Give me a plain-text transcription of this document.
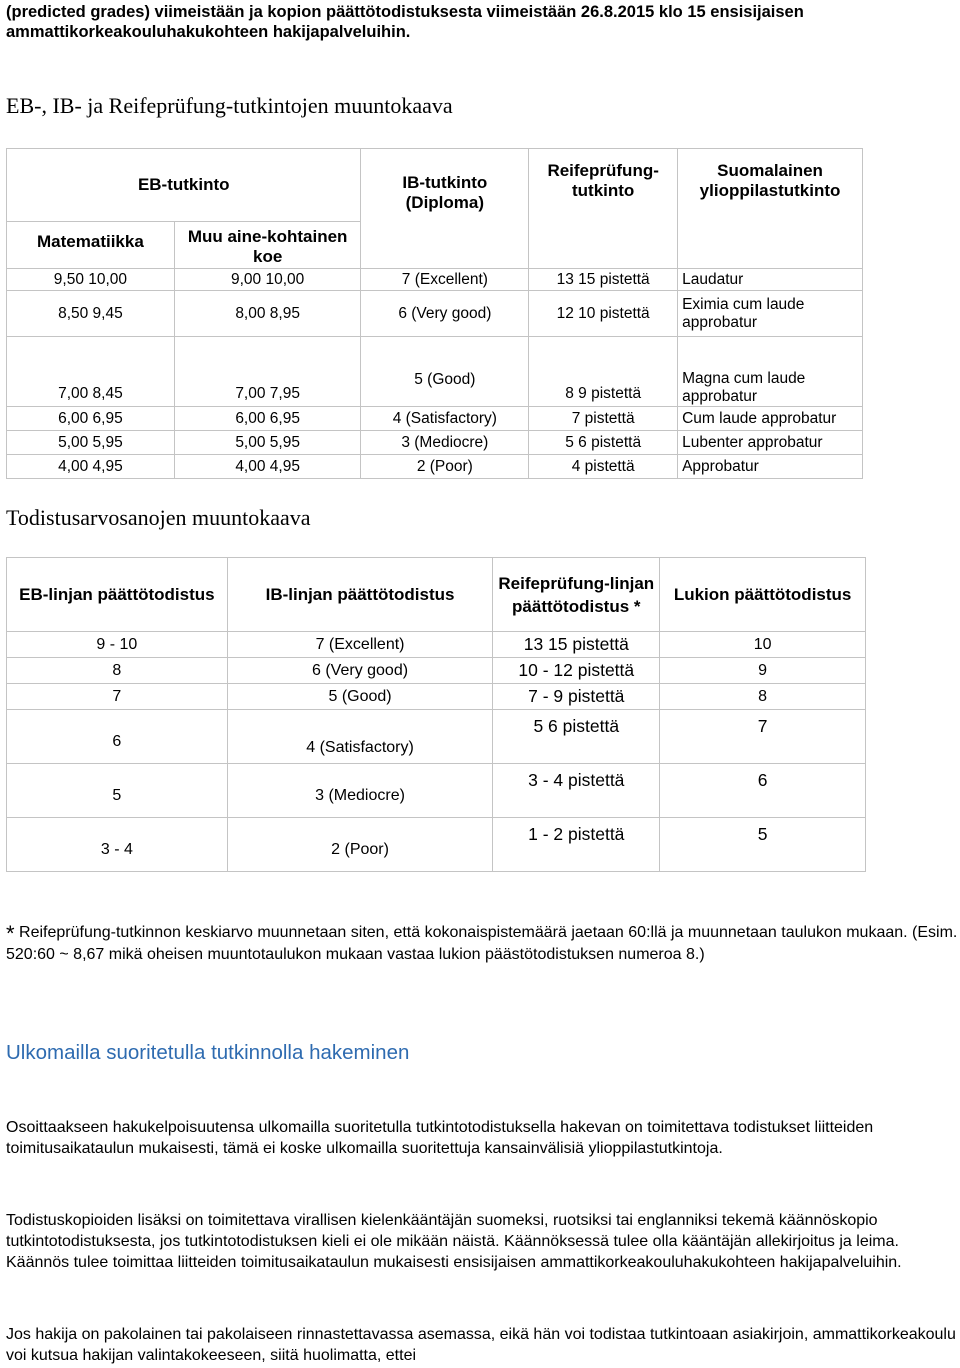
(predicted grades) viimeistään ja kopion päättötodistuksesta viimeistään 26.8.2015 klo 15 ensisijaisen ammattikorkeakouluhakukohteen hakijapalveluihin.
EB-, IB- ja Reifeprüfung-tutkintojen muuntokaava
EB-tutkinto		IB-tutkinto (Diploma)	Reifeprüfung-tutkinto	Suomalainen ylioppilastutkinto
Matematiikka	Muu aine-kohtainen koe			
9,50 10,00	9,00 10,00	7 (Excellent)	13 15 pistettä	Laudatur
8,50 9,45	8,00 8,95	6 (Very good)	12 10 pistettä	Eximia cum laude approbatur
7,00 8,45	7,00 7,95	5 (Good)	8 9 pistettä	Magna cum laude approbatur
6,00 6,95	6,00 6,95	4 (Satisfactory)	7 pistettä	Cum laude approbatur
5,00 5,95	5,00 5,95	3 (Mediocre)	5 6 pistettä	Lubenter approbatur
4,00 4,95	4,00 4,95	2 (Poor)	4 pistettä	Approbatur
Todistusarvosanojen muuntokaava
EB-linjan päättötodistus	IB-linjan päättötodistus	Reifeprüfung-linjan päättötodistus *	Lukion päättötodistus
9 - 10	7 (Excellent)	13 15 pistettä	10
8	6 (Very good)	10 - 12 pistettä	9
7	5 (Good)	7 - 9 pistettä	8
6	4 (Satisfactory)	5 6 pistettä	7
5	3 (Mediocre)	3 - 4 pistettä	6
3 - 4	2 (Poor)	1 - 2 pistettä	5
* Reifeprüfung-tutkinnon keskiarvo muunnetaan siten, että kokonaispistemäärä jaetaan 60:llä ja muunnetaan taulukon mukaan. (Esim. 520:60 ~ 8,67 mikä oheisen muuntotaulukon mukaan vastaa lukion päästötodistuksen numeroa 8.)
Ulkomailla suoritetulla tutkinnolla hakeminen
Osoittaakseen hakukelpoisuutensa ulkomailla suoritetulla tutkintotodistuksella hakevan on toimitettava todistukset liitteiden toimitusaikataulun mukaisesti, tämä ei koske ulkomailla suoritettuja kansainvälisiä ylioppilastutkintoja.
Todistuskopioiden lisäksi on toimitettava virallisen kielenkääntäjän suomeksi, ruotsiksi tai englanniksi tekemä käännöskopio tutkintotodistuksesta, jos tutkintotodistuksen kieli ei ole mikään näistä. Käännöksessä tulee olla kääntäjän allekirjoitus ja leima. Käännös tulee toimittaa liitteiden toimitusaikataulun mukaisesti ensisijaisen ammattikorkeakouluhakukohteen hakijapalveluihin.
Jos hakija on pakolainen tai pakolaiseen rinnastettavassa asemassa, eikä hän voi todistaa tutkintoaan asiakirjoin, ammattikorkeakoulu voi kutsua hakijan valintakokeeseen, siitä huolimatta, ettei
